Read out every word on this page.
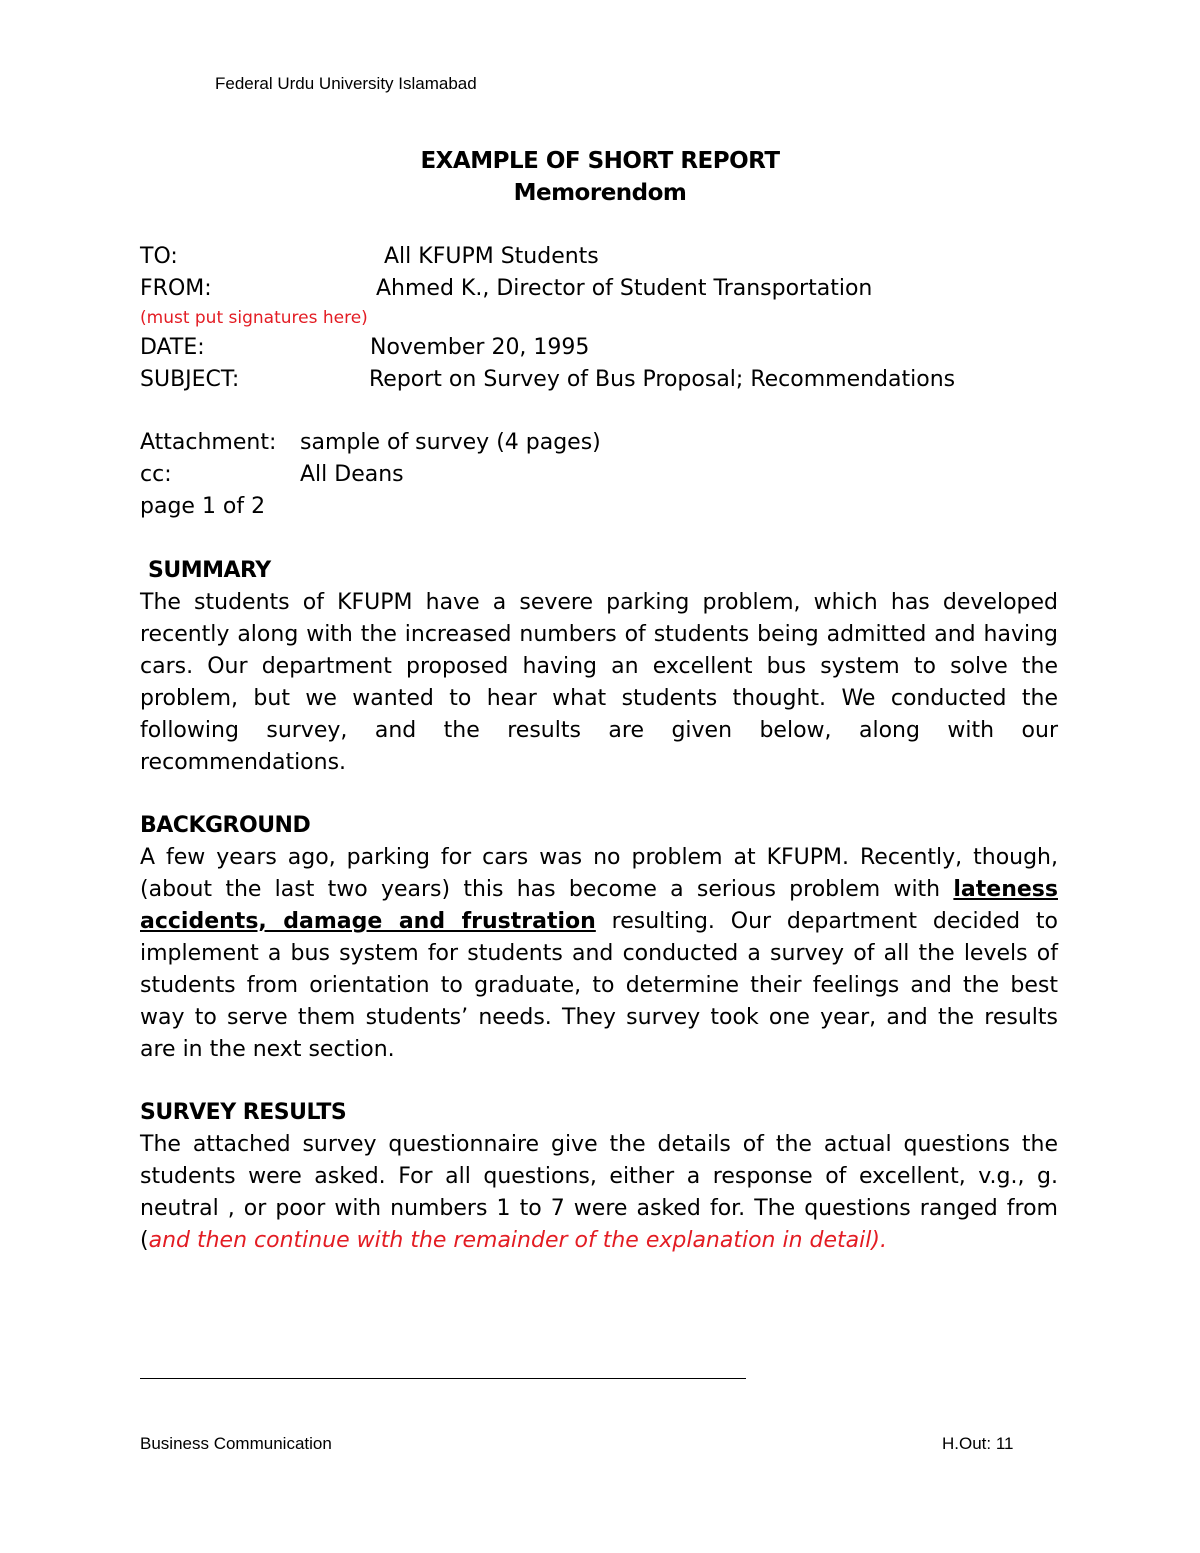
Federal Urdu University Islamabad
EXAMPLE OF SHORT REPORT
Memorendom
TO:	All KFUPM Students
FROM:	Ahmed K., Director of Student Transportation
(must put signatures here)
DATE:	November 20, 1995
SUBJECT:	Report on Survey of Bus Proposal; Recommendations
Attachment: sample of survey (4 pages)
cc:	All Deans
page 1 of 2
SUMMARY

The students of KFUPM have a severe parking problem, which has developed recently along with the increased numbers of students being admitted and having cars. Our department proposed having an excellent bus system to solve the problem, but we wanted to hear what students thought. We conducted the following survey, and the results are given below, along with our recommendations.

BACKGROUND

A few years ago, parking for cars was no problem at KFUPM. Recently, though, (about the last two years) this has become a serious problem with lateness accidents, damage and frustration resulting. Our department decided to implement a bus system for students and conducted a survey of all the levels of students from orientation to graduate, to determine their feelings and the best way to serve them students’ needs. They survey took one year, and the results are in the next section.

SURVEY RESULTS

The attached survey questionnaire give the details of the actual questions the students were asked. For all questions, either a response of excellent, v.g., g. neutral , or poor with numbers 1 to 7 were asked for. The questions ranged from (and then continue with the remainder of the explanation in detail).

Business Communication	H.Out: 11
